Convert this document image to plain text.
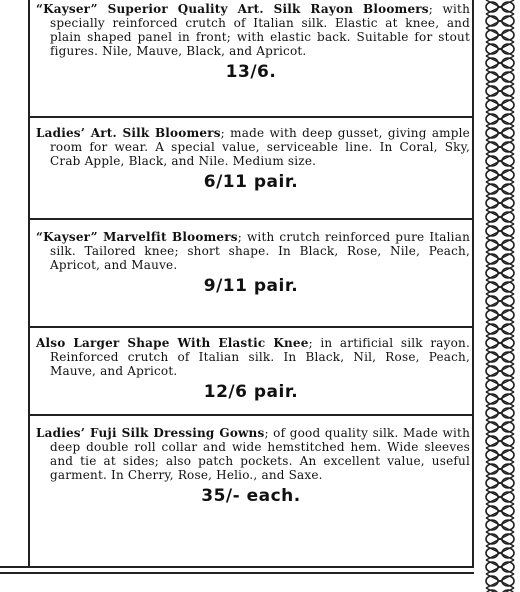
“Kayser” Superior Quality Art. Silk Rayon Bloomers; with specially reinforced crutch of Italian silk. Elastic at knee, and plain shaped panel in front; with elastic back. Suitable for stout figures. Nile, Mauve, Black, and Apricot.

13/6.

Ladies’ Art. Silk Bloomers; made with deep gusset, giving ample room for wear. A special value, serviceable line. In Coral, Sky, Crab Apple, Black, and Nile. Medium size.

6/11 pair.

“Kayser” Marvelfit Bloomers; with crutch reinforced pure Italian silk. Tailored knee; short shape. In Black, Rose, Nile, Peach, Apricot, and Mauve.

9/11 pair.

Also Larger Shape With Elastic Knee; in artificial silk rayon. Reinforced crutch of Italian silk. In Black, Nil, Rose, Peach, Mauve, and Apricot.

12/6 pair.

Ladies’ Fuji Silk Dressing Gowns; of good quality silk. Made with deep double roll collar and wide hemstitched hem. Wide sleeves and tie at sides; also patch pockets. An excellent value, useful garment. In Cherry, Rose, Helio., and Saxe.

35/- each.
